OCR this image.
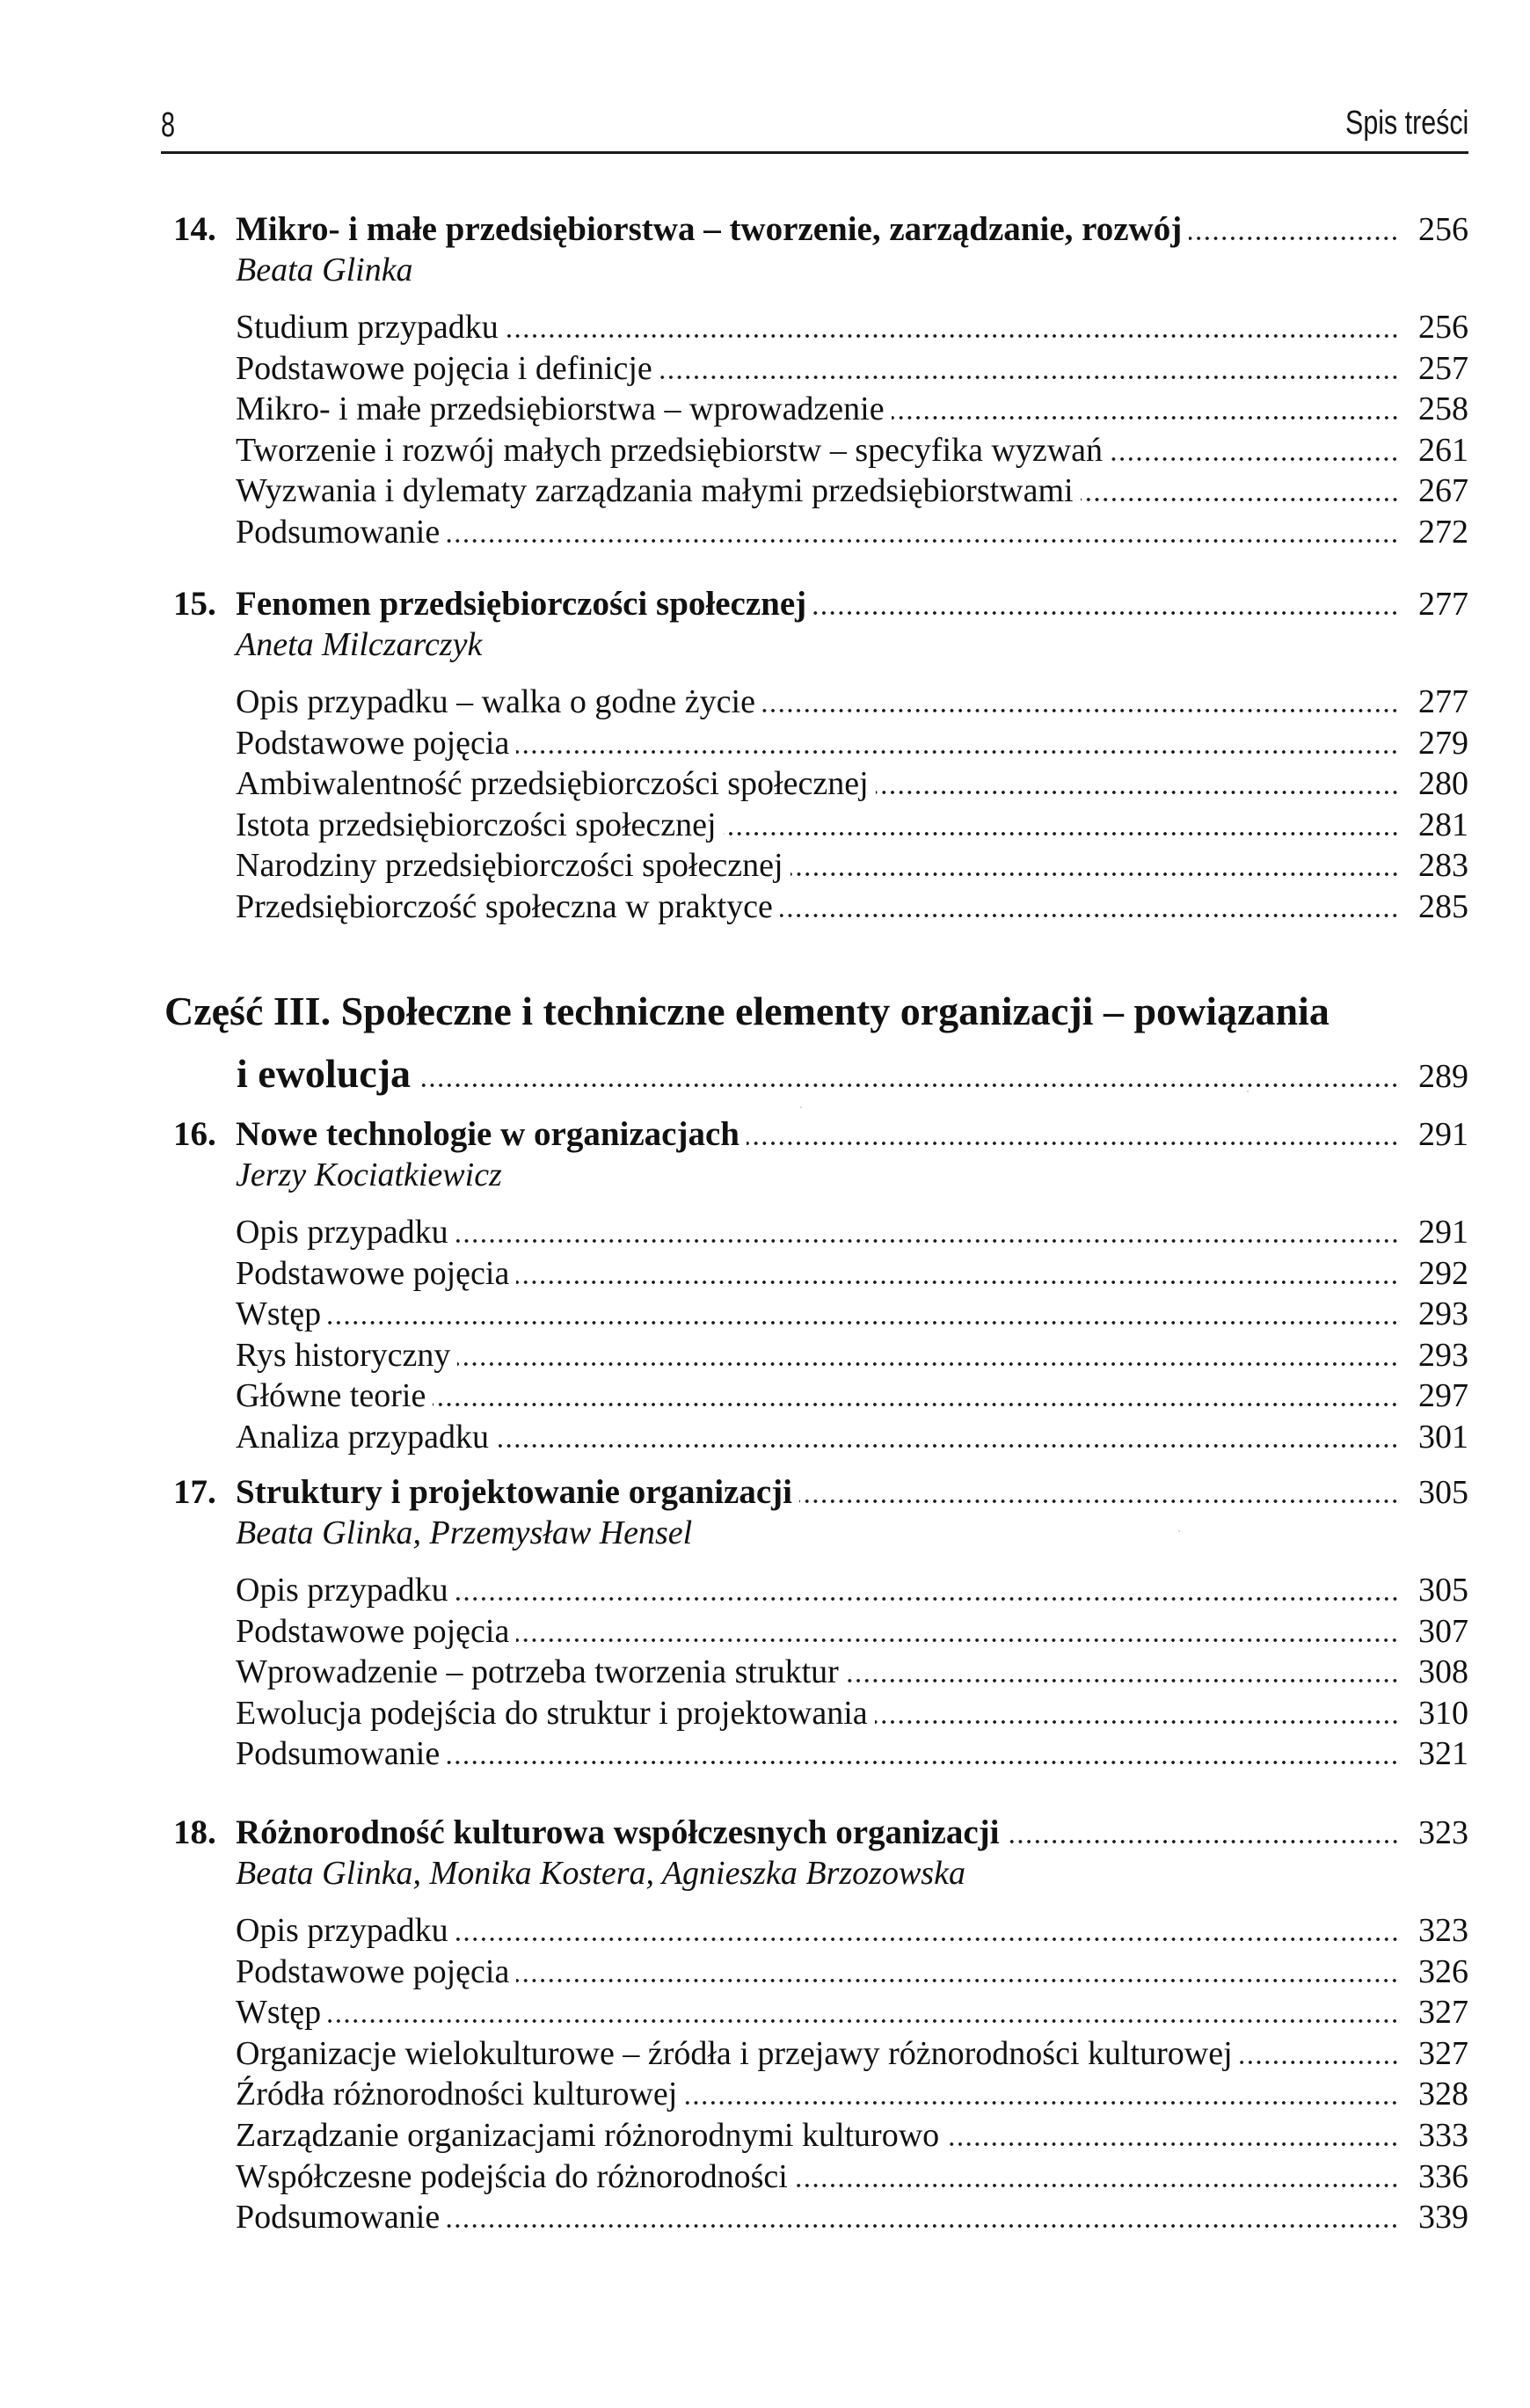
8	Spis treści
14. Mikro- i małe przedsiębiorstwa – tworzenie, zarządzanie, rozwój	256
Beata Glinka
Studium przypadku	256
Podstawowe pojęcia i definicje	257
Mikro- i małe przedsiębiorstwa – wprowadzenie	258
Tworzenie i rozwój małych przedsiębiorstw – specyfika wyzwań	261
Wyzwania i dylematy zarządzania małymi przedsiębiorstwami	267
Podsumowanie	272
15. Fenomen przedsiębiorczości społecznej	277
Aneta Milczarczyk
Opis przypadku – walka o godne życie	277
Podstawowe pojęcia	279
Ambiwalentność przedsiębiorczości społecznej	280
Istota przedsiębiorczości społecznej	281
Narodziny przedsiębiorczości społecznej	283
Przedsiębiorczość społeczna w praktyce	285
Część III. Społeczne i techniczne elementy organizacji – powiązania
i ewolucja	289
16. Nowe technologie w organizacjach	291
Jerzy Kociatkiewicz
Opis przypadku	291
Podstawowe pojęcia	292
Wstęp	293
Rys historyczny	293
Główne teorie	297
Analiza przypadku	301
17. Struktury i projektowanie organizacji	305
Beata Glinka, Przemysław Hensel
Opis przypadku	305
Podstawowe pojęcia	307
Wprowadzenie – potrzeba tworzenia struktur	308
Ewolucja podejścia do struktur i projektowania	310
Podsumowanie	321
18. Różnorodność kulturowa współczesnych organizacji	323
Beata Glinka, Monika Kostera, Agnieszka Brzozowska
Opis przypadku	323
Podstawowe pojęcia	326
Wstęp	327
Organizacje wielokulturowe – źródła i przejawy różnorodności kulturowej	327
Źródła różnorodności kulturowej	328
Zarządzanie organizacjami różnorodnymi kulturowo	333
Współczesne podejścia do różnorodności	336
Podsumowanie	339
